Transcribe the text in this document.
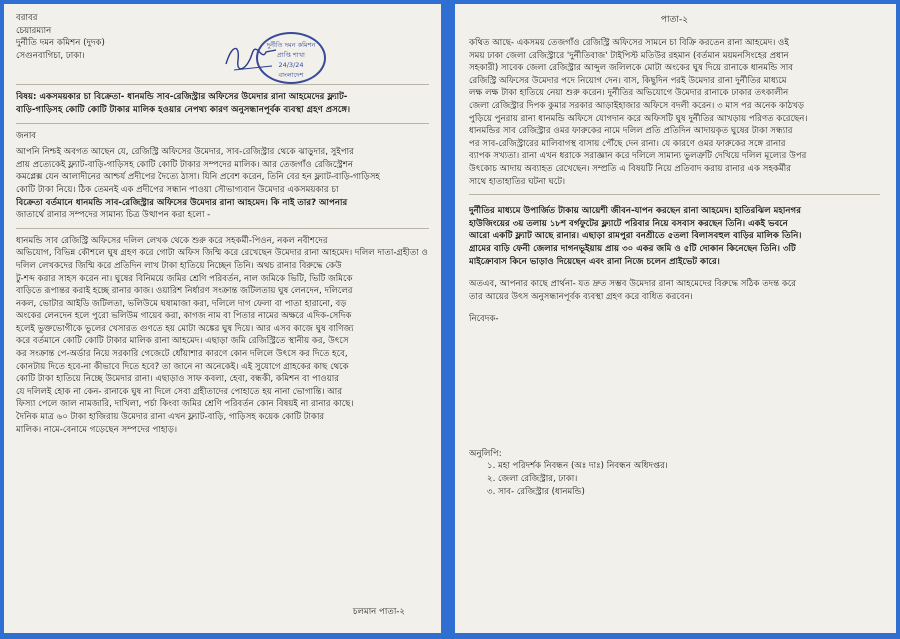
বরাবর
চেয়ারম্যান
দুর্নীতি দমন কমিশন (দুদক)
সেগুনবাগিচা, ঢাকা।
দুর্নীতি দমন কমিশন
প্রাপ্তি শাখা
24/3/24
বাংলাদেশ
বিষয়: একসময়কার চা বিক্রেতা- ধানমন্ডি সাব-রেজিস্ট্রার অফিসের উমেদার রানা আহমেদের ফ্ল্যাট-
বাড়ি-গাড়িসহ কোটি কোটি টাকার মালিক হওয়ার নেপথ্য কারণ অনুসন্ধানপূর্বক ব্যবস্থা গ্রহণ প্রসঙ্গে।
জনাব
আপনি নিশ্চই অবগত আছেন যে, রেজিস্ট্রি অফিসের উমেদার, সাব-রেজিস্ট্রার থেকে ঝাড়ুদার, সুইপার
প্রায় প্রত্যেকেই ফ্ল্যাট-বাড়ি-গাড়িসহ কোটি কোটি টাকার সম্পদের মালিক। আর তেজগাঁও রেজিস্ট্রেশন
কমপ্লেক্স যেন আলাদীনের আশ্চর্য প্রদীপের দৈত্যে ঠাসা। যিনি প্রবেশ করেন, তিনি বের হন ফ্ল্যাট-বাড়ি-গাড়িসহ
কোটি টাকা নিয়ে। ঠিক তেমনই এক প্রদীপের সন্ধান পাওয়া সৌভাগ্যবান উমেদার একসময়কার চা
বিক্রেতা বর্তমানে ধানমন্ডি সাব-রেজিস্ট্রার অফিসের উমেদার রানা আহমেদ। কি নাই তার? আপনার
জাতার্থে রানার সম্পদের সামান্য চিত্র উত্থাপন করা হলো -
ধানমন্ডি সাব রেজিস্ট্রি অফিসের দলিল লেখক থেকে শুরু করে সহকর্মী-পিওন, নকল নবীশদের
অভিযোগ, বিভিন্ন কৌশলে ঘুষ গ্রহণ করে গোটা অফিস জিম্মি করে রেখেছেন উমেদার রানা আহমেদ। দলিল দাতা-গ্রহীতা ও
দলিল লেখকদের জিম্মি করে প্রতিদিন লাখ টাকা হাতিয়ে নিচ্ছেন তিনি। অথচ রানার বিরুদ্ধে কেউ
টু-শব্দ করার সাহস করেন না। ঘুষের বিনিময়ে জমির শ্রেণি পরিবর্তন, নাল জমিকে ভিটি, ভিটি জমিকে
বাড়িতে রূপান্তর করাই হচ্ছে রানার কাজ। ওয়ারিশ নির্ধারণ সংক্রান্ত জটিলতায় ঘুষ লেনদেন, দলিলের
নকল, ভোটার আইডি জটিলতা, ভলিউমে ঘষামাজা করা, দলিলে দাগ ফেলা বা পাতা হারানো, বড়
অংকের লেনদেন হলে পুরো ভলিউম গায়েব করা, কাগজ নাম বা পিতার নামের অক্ষরে এদিক-সেদিক
হলেই ভুক্তভোগীকে ভুলের খেসারত গুণতে হয় মোটা অঙ্কের ঘুষ দিয়ে। আর এসব কাজে ঘুষ বাণিজ্য
করে বর্তমানে কোটি কোটি টাকার মালিক রানা আহমেদ। এছাড়া জমি রেজিস্ট্রিতে স্থানীয় কর, উৎসে
কর সংক্রান্ত পে-অর্ডার নিয়ে সরকারি গেজেটে ধোঁয়াশার কারণে কোন দলিলে উৎসে কর দিতে হবে,
কোনটায় দিতে হবে-না কীভাবে দিতে হবে? তা জানে না অনেকেই। এই সুযোগে গ্রাহকের কাছ থেকে
কোটি টাকা হাতিয়ে নিচ্ছে উমেদার রানা। এছাড়াও সাফ কবলা, হেবা, বন্ধকী, কমিশন বা পাওয়ার
যে দলিলই হোক না কেন- রানাকে ঘুষ না দিলে সেবা গ্রহীতাদের পোহাতে হয় নানা ভোগান্তি। আর
ফিস্যা পেলে জাল নামজারি, দাখিলা, পর্চা কিংবা জমির শ্রেণি পরিবর্তন কোন বিষয়ই না রানার কাছে।
দৈনিক মাত্র ৬০ টাকা হাজিরায় উমেদার রানা এখন ফ্ল্যাট-বাড়ি, গাড়িসহ কয়েক কোটি টাকার
মালিক। নামে-বেনামে গড়েছেন সম্পদের পাহাড়।
চলমান পাতা-২
পাতা-২
কথিত আছে- একসময় তেজগাঁও রেজিস্ট্রি অফিসের সামনে চা বিক্রি করতেন রানা আহমেদ। ওই
সময় ঢাকা জেলা রেজিস্ট্রারে 'দুর্নীতিবাজ' টাইপিস্ট মতিউর রহমান (বর্তমান ময়মনসিংহের প্রধান
সহকারী) সাবেক জেলা রেজিস্ট্রার আব্দুল জলিলকে মোটা অংকের ঘুষ দিয়ে রানাকে ধানমন্ডি সাব
রেজিস্ট্রি অফিসের উমেদার পদে নিয়োগ দেন। বাস, কিছুদিন পরই উমেদার রানা দুর্নীতির মাধ্যমে
লক্ষ লক্ষ টাকা হাতিয়ে নেয়া শুরু করেন। দুর্নীতির অভিযোগে উমেদার রানাকে ঢাকার তৎকালীন
জেলা রেজিস্ট্রার দিপক কুমার সরকার আড়াইহাজার অফিসে বদলী করেন। ৩ মাস পর অনেক কাঠখড়
পুড়িয়ে পুনরায় রানা ধানমন্ডি অফিসে যোগদান করে অফিসটি ঘুষ দুর্নীতির আখড়ায় পরিণত করেছেন।
ধানমন্ডির সাব রেজিস্ট্রার ওমর ফারুকের নামে দলিল প্রতি প্রতিদিন আদায়কৃত ঘুষের টাকা সন্ধ্যার
পর সাব-রেজিস্ট্রারের মালিবাগস্থ বাসায় পৌঁছে দেন রানা। যে কারণে ওমর ফারুকের সঙ্গে রানার
ব্যাপক সখ্যতা। রানা এখন ধরাকে সরাজ্ঞান করে দলিলে সামান্য ভুলত্রুটি দেখিয়ে দলিল মূল্যের উপর
উৎকোচ আদায় অব্যাহত রেখেছেন। সম্প্রতি এ বিষয়টি নিয়ে প্রতিবাদ করায় রানার এক সহকর্মীর
সাথে হাতাহাতির ঘটনা ঘটে।
দুর্নীতির মাধ্যমে উপার্জিত টাকায় আয়েশী জীবন-যাপন করছেন রানা আহমেদ। হাতিরঝিল মহানগর
হাউজিংয়ের ৩য় তলায় ১৮শ বর্গফুটের ফ্ল্যাটে পরিবার নিয়ে বসবাস করছেন তিনি। একই ভবনে
আরো একটি ফ্ল্যাট আছে রানার। এছাড়া রামপুরা বনশ্রীতে ৫তলা বিলাসবহুল বাড়ির মালিক তিনি।
গ্রামের বাড়ি ফেনী জেলার দাগনভূইয়ায় প্রায় ৩০ একর জমি ও ৫টি দোকান কিনেছেন তিনি। ৩টি
মাইক্রোবাস কিনে ভাড়াও দিয়েছেন এবং রানা নিজে চলেন প্রাইভেট কারে।
অতএব, আপনার কাছে প্রার্থনা- যত দ্রুত সম্ভব উমেদার রানা আহমেদের বিরুদ্ধে সঠিক তদন্ত করে
তার আয়ের উৎস অনুসন্ধানপূর্বক ব্যবস্থা গ্রহণ করে বাধিত করবেন।
নিবেদক-
অনুলিপি:
১. মহা পরিদর্শক নিবন্ধন (অঃ দাঃ) নিবন্ধন অধিদপ্তর।
২. জেলা রেজিস্ট্রার, ঢাকা।
৩. সাব- রেজিস্ট্রার (ধানমন্ডি)
